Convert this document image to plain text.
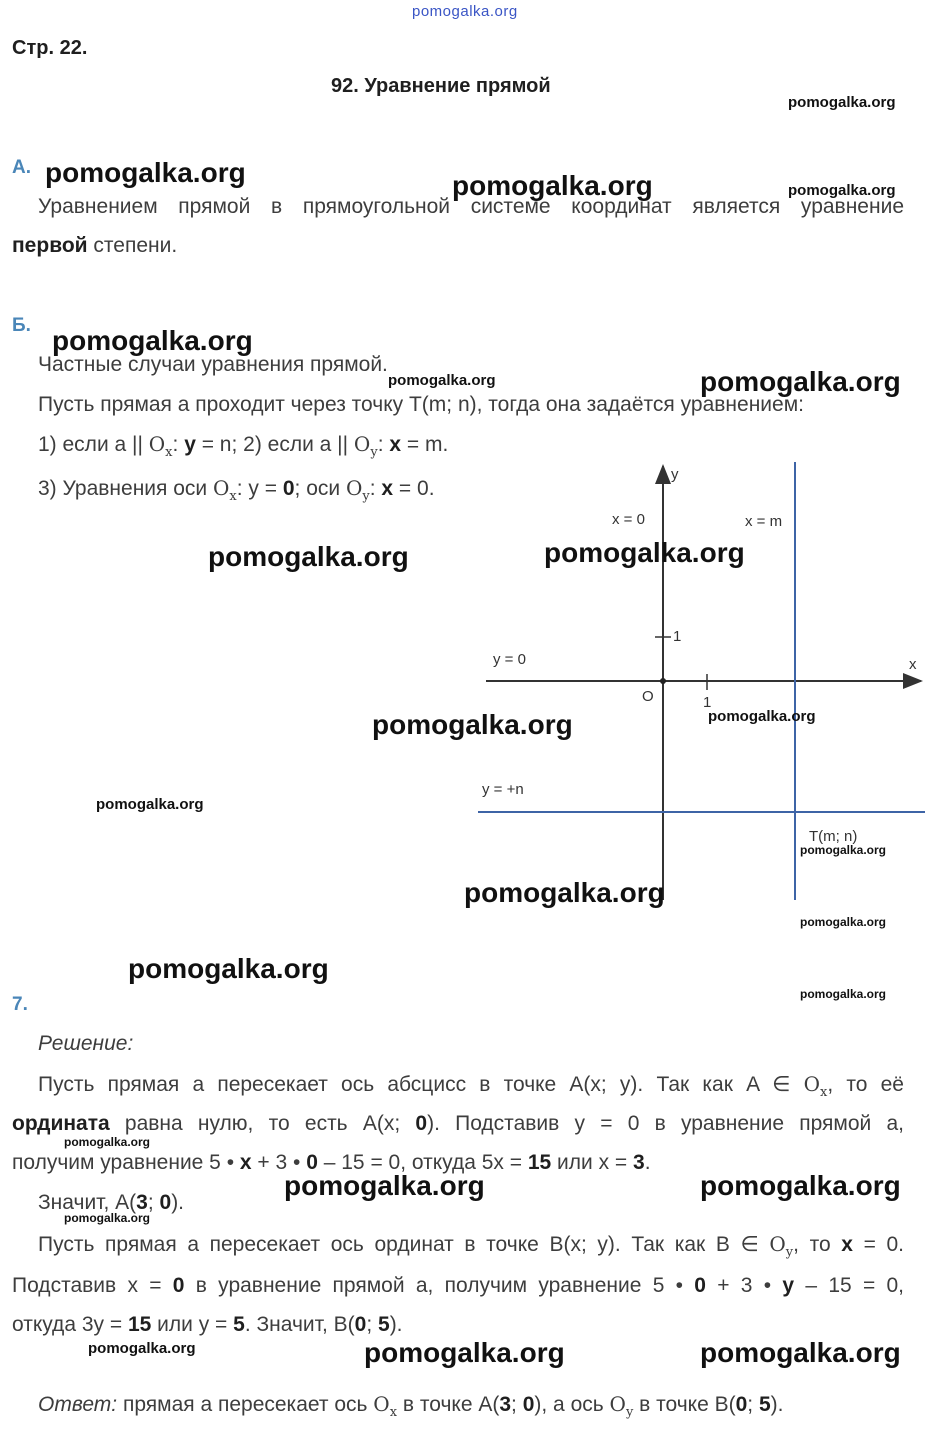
pomogalka.org
Стр. 22.
92. Уравнение прямой
А.
Уравнением прямой в прямоугольной системе координат является уравнение
первой степени.
Б.
Частные случаи уравнения прямой.
Пусть прямая a проходит через точку T(m; n), тогда она задаётся уравнением:
1) если a || $O_x$: y = n; 2) если a || $O_y$: x = m.
3) Уравнения оси $O_x$: y = 0; оси $O_y$: x = 0.
y
x
x = 0	x = m
y = 0
y = +n
O	1
1
T(m; n)
7.
Решение:
Пусть прямая a пересекает ось абсцисс в точке A(x; y). Так как A ∈ $O_x$, то её
ордината равна нулю, то есть A(x; 0). Подставив y = 0 в уравнение прямой a,
получим уравнение 5 • x + 3 • 0 – 15 = 0, откуда 5x = 15 или x = 3.
Значит, A(3; 0).
Пусть прямая a пересекает ось ординат в точке B(x; y). Так как B ∈ $O_y$, то x = 0.
Подставив x = 0 в уравнение прямой a, получим уравнение 5 • 0 + 3 • y – 15 = 0,
откуда 3y = 15 или y = 5. Значит, B(0; 5).
Ответ: прямая a пересекает ось $O_x$ в точке A(3; 0), а ось $O_y$ в точке B(0; 5).
pomogalka.org
pomogalka.org	pomogalka.org	pomogalka.org
pomogalka.org
pomogalka.org	pomogalka.org
pomogalka.org	pomogalka.org
pomogalka.org	pomogalka.org
pomogalka.org
pomogalka.org
pomogalka.org
pomogalka.org
pomogalka.org
pomogalka.org
pomogalka.org
pomogalka.org	pomogalka.org
pomogalka.org
pomogalka.org	pomogalka.org	pomogalka.org
